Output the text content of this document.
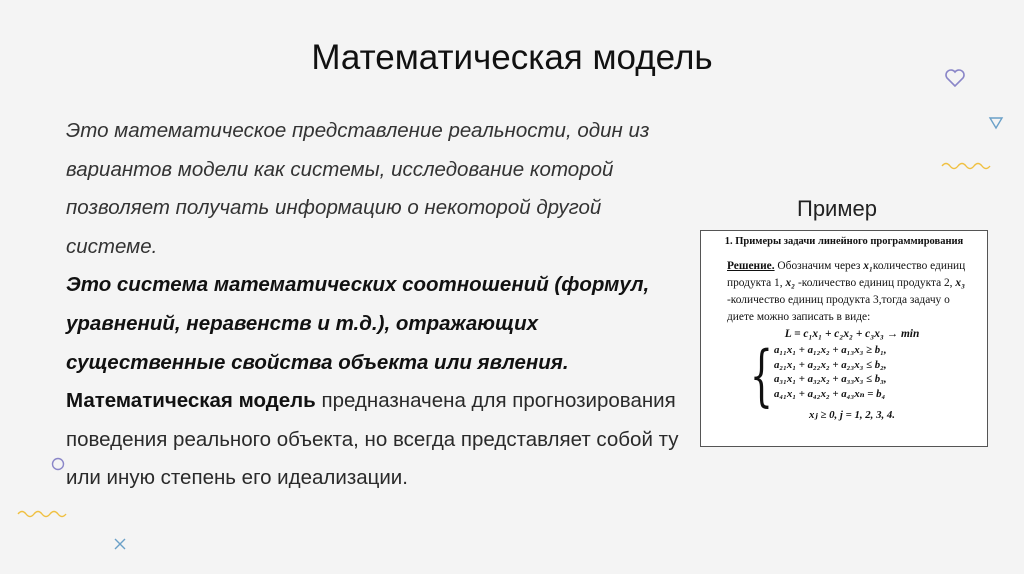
Математическая модель

Это математическое представление реальности, один из вариантов модели как системы, исследование которой позволяет получать информацию о некоторой другой системе.

Это система математических соотношений (формул, уравнений, неравенств и т.д.), отражающих существенные свойства объекта или явления.

Математическая модель предназначена для прогнозирования поведения реального объекта, но всегда представляет собой ту или иную степень его идеализации.

Пример

1. Примеры задачи линейного программирования

Решение. Обозначим через x₁количество единиц продукта 1, x₂ -количество единиц продукта 2, x₃ -количество единиц продукта 3,тогда задачу о диете можно записать в виде:

L = c₁x₁ + c₂x₂ + c₃x₃ → min

{ a₁₁x₁ + a₁₂x₂ + a₁₃x₃ ≥ b₁,
a₂₁x₁ + a₂₂x₂ + a₂₃x₃ ≤ b₂,
a₃₁x₁ + a₃₂x₂ + a₃₃x₃ ≤ b₃,
a₄₁x₁ + a₄₂x₂ + a₄₃xₙ = b₄

xⱼ ≥ 0, j = 1, 2, 3, 4.
